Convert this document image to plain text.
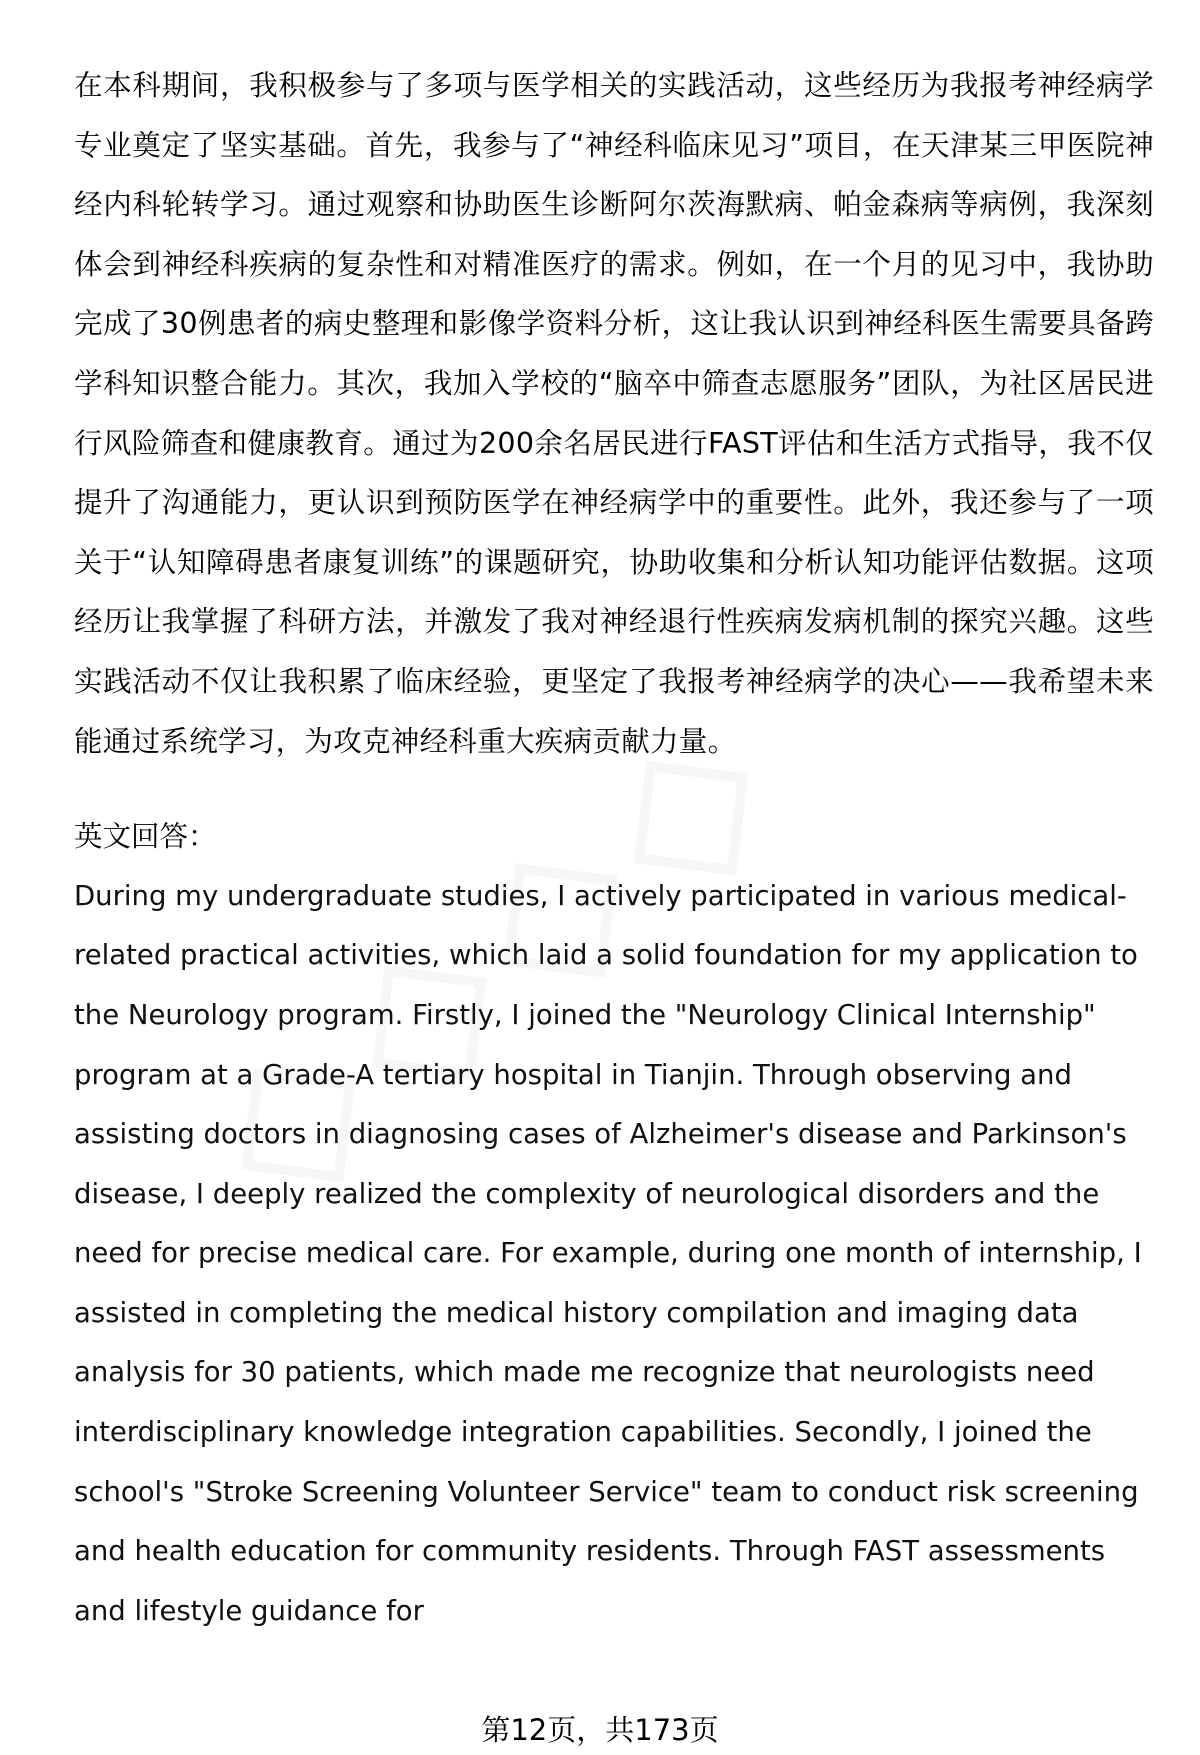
在本科期间，我积极参与了多项与医学相关的实践活动，这些经历为我报考神经病学专业奠定了坚实基础。首先，我参与了“神经科临床见习”项目，在天津某三甲医院神经内科轮转学习。通过观察和协助医生诊断阿尔茨海默病、帕金森病等病例，我深刻体会到神经科疾病的复杂性和对精准医疗的需求。例如，在一个月的见习中，我协助完成了30例患者的病史整理和影像学资料分析，这让我认识到神经科医生需要具备跨学科知识整合能力。其次，我加入学校的“脑卒中筛查志愿服务”团队，为社区居民进行风险筛查和健康教育。通过为200余名居民进行FAST评估和生活方式指导，我不仅提升了沟通能力，更认识到预防医学在神经病学中的重要性。此外，我还参与了一项关于“认知障碍患者康复训练”的课题研究，协助收集和分析认知功能评估数据。这项经历让我掌握了科研方法，并激发了我对神经退行性疾病发病机制的探究兴趣。这些实践活动不仅让我积累了临床经验，更坚定了我报考神经病学的决心——我希望未来能通过系统学习，为攻克神经科重大疾病贡献力量。

英文回答：

During my undergraduate studies, I actively participated in various medical-related practical activities, which laid a solid foundation for my application to the Neurology program. Firstly, I joined the "Neurology Clinical Internship" program at a Grade-A tertiary hospital in Tianjin. Through observing and assisting doctors in diagnosing cases of Alzheimer's disease and Parkinson's disease, I deeply realized the complexity of neurological disorders and the need for precise medical care. For example, during one month of internship, I assisted in completing the medical history compilation and imaging data analysis for 30 patients, which made me recognize that neurologists need interdisciplinary knowledge integration capabilities. Secondly, I joined the school's "Stroke Screening Volunteer Service" team to conduct risk screening and health education for community residents. Through FAST assessments and lifestyle guidance for

第12页，共173页
